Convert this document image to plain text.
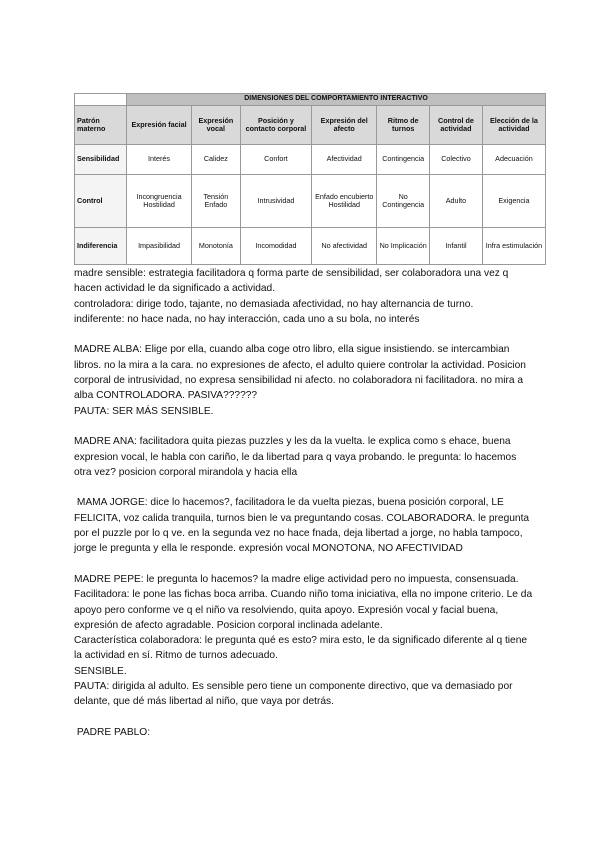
	DIMENSIONES DEL COMPORTAMIENTO INTERACTIVO						
Patrón materno	Expresión facial	Expresión vocal	Posición y contacto corporal	Expresión del afecto	Ritmo de turnos	Control de actividad	Elección de la actividad
Sensibilidad	Interés	Calidez	Confort	Afectividad	Contingencia	Colectivo	Adecuación
Control	Incongruencia Hostilidad	Tensión Enfado	Intrusividad	Enfado encubierto Hostilidad	No Contingencia	Adulto	Exigencia
Indiferencia	Impasibilidad	Monotonía	Incomodidad	No afectividad	No Implicación	Infantil	Infra estimulación

madre sensible: estrategia facilitadora q forma parte de sensibilidad, ser colaboradora una vez q hacen actividad le da significado a actividad.

controladora: dirige todo, tajante, no demasiada afectividad, no hay alternancia de turno.

indiferente: no hace nada, no hay interacción, cada uno a su bola, no interés

MADRE ALBA: Elige por ella, cuando alba coge otro libro, ella sigue insistiendo. se intercambian libros. no la mira a la cara. no expresiones de afecto, el adulto quiere controlar la actividad. Posicion corporal de intrusividad, no expresa sensibilidad ni afecto. no colaboradora ni facilitadora. no mira a alba CONTROLADORA. PASIVA??????

PAUTA: SER MÁS SENSIBLE.

MADRE ANA: facilitadora quita piezas puzzles y les da la vuelta. le explica como s ehace, buena expresion vocal, le habla con cariño, le da libertad para q vaya probando. le pregunta: lo hacemos otra vez? posicion corporal mirandola y hacia ella

MAMA JORGE: dice lo hacemos?, facilitadora le da vuelta piezas, buena posición corporal, LE FELICITA, voz calida tranquila, turnos bien le va preguntando cosas. COLABORADORA. le pregunta por el puzzle por lo q ve. en la segunda vez no hace fnada, deja libertad a jorge, no habla tampoco, jorge le pregunta y ella le responde. expresión vocal MONOTONA, NO AFECTIVIDAD

MADRE PEPE: le pregunta lo hacemos? la madre elige actividad pero no impuesta, consensuada. Facilitadora: le pone las fichas boca arriba. Cuando niño toma iniciativa, ella no impone criterio. Le da apoyo pero conforme ve q el niño va resolviendo, quita apoyo. Expresión vocal y facial buena, expresión de afecto agradable. Posicion corporal inclinada adelante.

Característica colaboradora: le pregunta qué es esto? mira esto, le da significado diferente al q tiene la actividad en sí. Ritmo de turnos adecuado.

SENSIBLE.

PAUTA: dirigida al adulto. Es sensible pero tiene un componente directivo, que va demasiado por delante, que dé más libertad al niño, que vaya por detrás.

PADRE PABLO:
